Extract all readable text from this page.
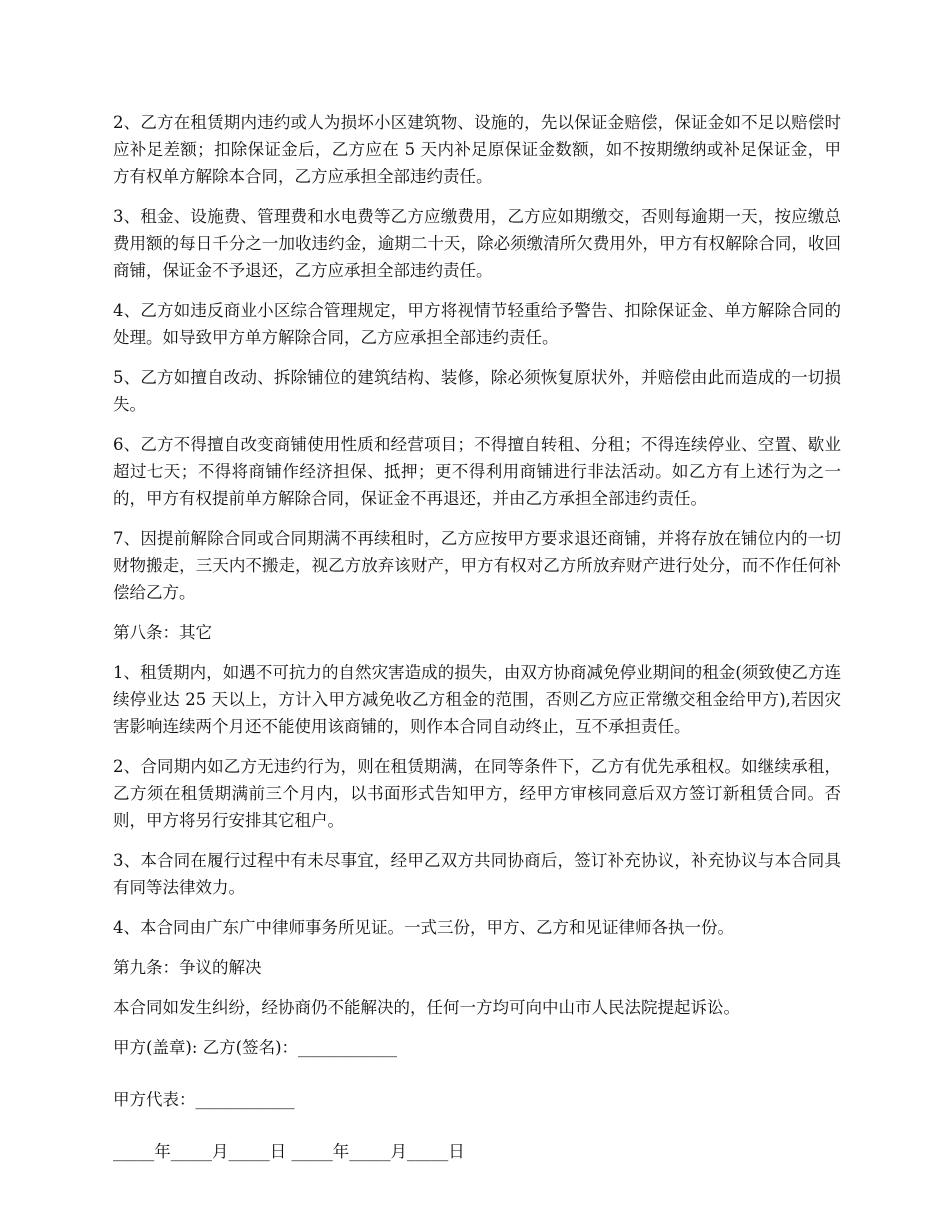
2、乙方在租赁期内违约或人为损坏小区建筑物、设施的，先以保证金赔偿，保证金如不足以赔偿时应补足差额；扣除保证金后，乙方应在 5 天内补足原保证金数额，如不按期缴纳或补足保证金，甲方有权单方解除本合同，乙方应承担全部违约责任。

3、租金、设施费、管理费和水电费等乙方应缴费用，乙方应如期缴交，否则每逾期一天，按应缴总费用额的每日千分之一加收违约金，逾期二十天，除必须缴清所欠费用外，甲方有权解除合同，收回商铺，保证金不予退还，乙方应承担全部违约责任。

4、乙方如违反商业小区综合管理规定，甲方将视情节轻重给予警告、扣除保证金、单方解除合同的处理。如导致甲方单方解除合同，乙方应承担全部违约责任。

5、乙方如擅自改动、拆除铺位的建筑结构、装修，除必须恢复原状外，并赔偿由此而造成的一切损失。

6、乙方不得擅自改变商铺使用性质和经营项目；不得擅自转租、分租；不得连续停业、空置、歇业超过七天；不得将商铺作经济担保、抵押；更不得利用商铺进行非法活动。如乙方有上述行为之一的，甲方有权提前单方解除合同，保证金不再退还，并由乙方承担全部违约责任。

7、因提前解除合同或合同期满不再续租时，乙方应按甲方要求退还商铺，并将存放在铺位内的一切财物搬走，三天内不搬走，视乙方放弃该财产，甲方有权对乙方所放弃财产进行处分，而不作任何补偿给乙方。

第八条：其它

1、租赁期内，如遇不可抗力的自然灾害造成的损失，由双方协商减免停业期间的租金(须致使乙方连续停业达 25 天以上，方计入甲方减免收乙方租金的范围，否则乙方应正常缴交租金给甲方),若因灾害影响连续两个月还不能使用该商铺的，则作本合同自动终止，互不承担责任。

2、合同期内如乙方无违约行为，则在租赁期满，在同等条件下，乙方有优先承租权。如继续承租，乙方须在租赁期满前三个月内，以书面形式告知甲方，经甲方审核同意后双方签订新租赁合同。否则，甲方将另行安排其它租户。

3、本合同在履行过程中有未尽事宜，经甲乙双方共同协商后，签订补充协议，补充协议与本合同具有同等法律效力。

4、本合同由广东广中律师事务所见证。一式三份，甲方、乙方和见证律师各执一份。

第九条：争议的解决

本合同如发生纠纷，经协商仍不能解决的，任何一方均可向中山市人民法院提起诉讼。

甲方(盖章): 乙方(签名)：____________

甲方代表：____________

_____年_____月_____日 _____年_____月_____日
